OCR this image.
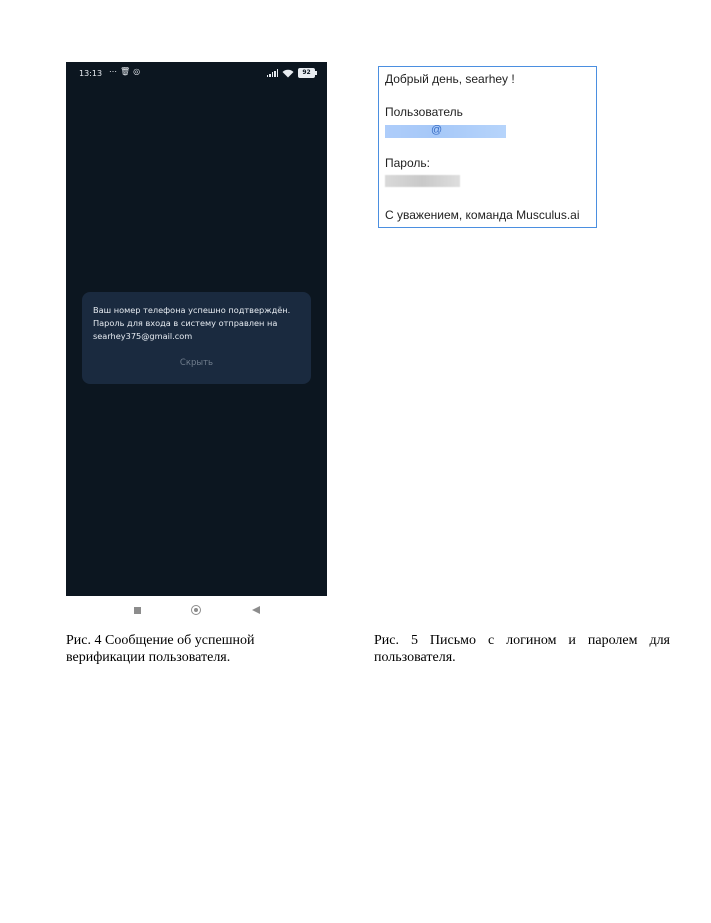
13:13 ⋯🗑◎	92
Ваш номер телефона успешно подтверждён. Пароль для входа в систему отправлен на searhey375@gmail.com
Скрыть
Добрый день, searhey !
Пользователь
@
Пароль:
С уважением, команда Musculus.ai
Рис. 4 Сообщение об успешной верификации пользователя.
Рис. 5 Письмо с логином и паролем для пользователя.
